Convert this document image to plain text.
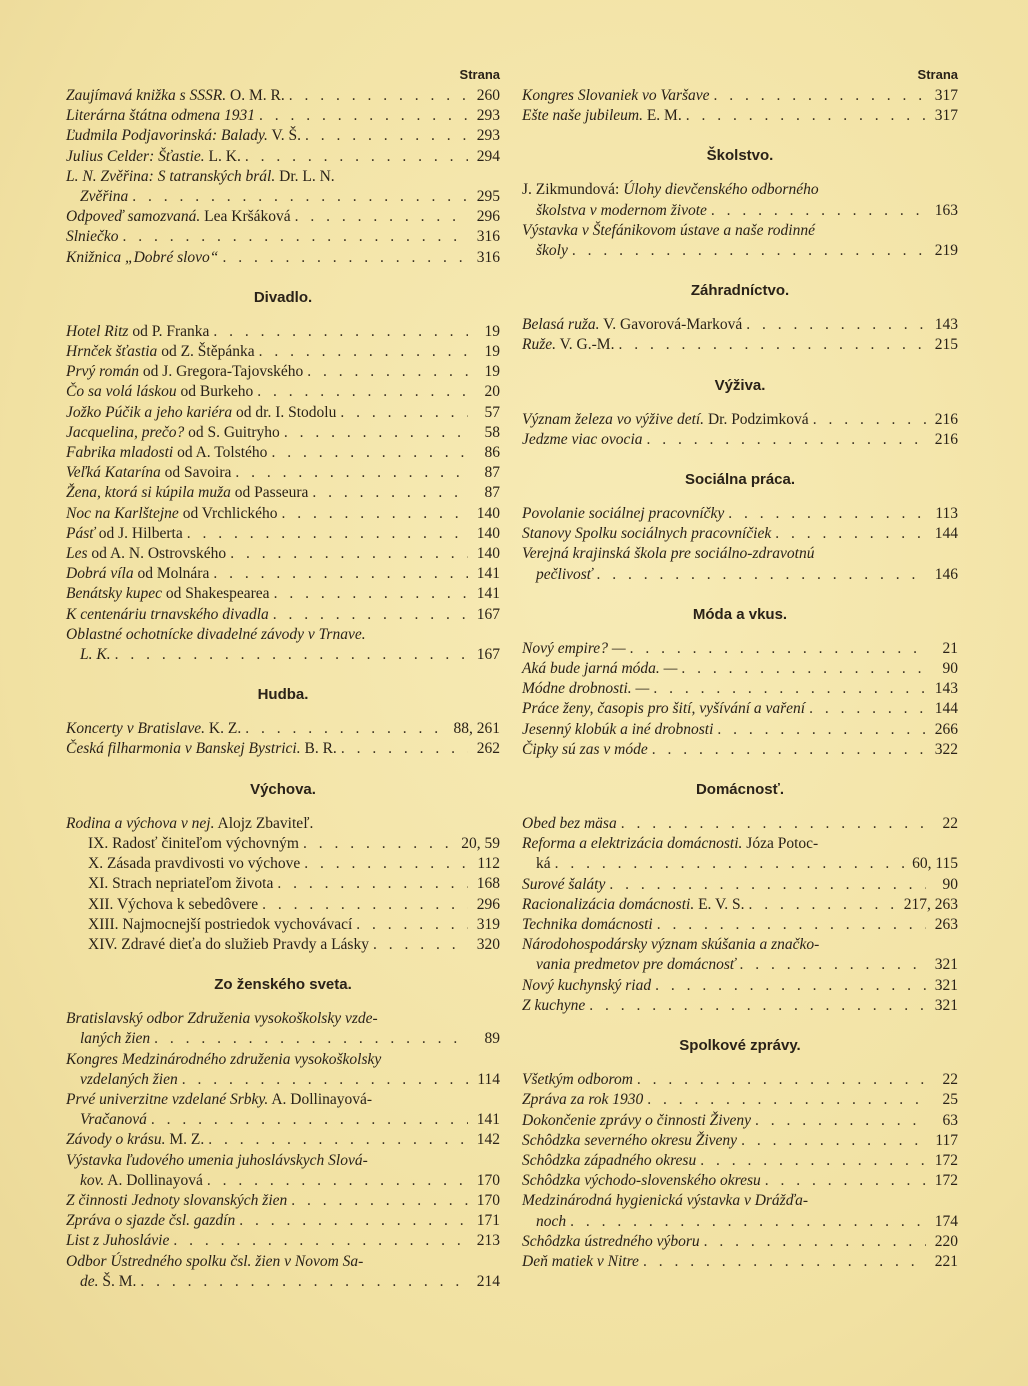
Strana
Zaujímavá knižka s SSSR. O. M. R. . . .	260
Literárna štátna odmena 1931 . . .	293
Ľudmila Podjavorinská: Balady. V. Š. . . .	293
Julius Celder: Šťastie. L. K. . . .	294
L. N. Zvěřina: S tatranských brál. Dr. L. N.
Zvěřina . . .	295
Odpoveď samozvaná. Lea Kršáková . . .	296
Slniečko . . .	316
Knižnica „Dobré slovo“ . . .	316
Divadlo.
Hotel Ritz od P. Franka . . .	19
Hrnček šťastia od Z. Štěpánka . . .	19
Prvý román od J. Gregora-Tajovského . . .	19
Čo sa volá láskou od Burkeho . . .	20
Jožko Púčik a jeho kariéra od dr. I. Stodolu . . .	57
Jacquelina, prečo? od S. Guitryho . . .	58
Fabrika mladosti od A. Tolstého . . .	86
Veľká Katarína od Savoira . . .	87
Žena, ktorá si kúpila muža od Passeura . . .	87
Noc na Karlštejne od Vrchlického . . .	140
Pásť od J. Hilberta . . .	140
Les od A. N. Ostrovského . . .	140
Dobrá víla od Molnára . . .	141
Benátsky kupec od Shakespearea . . .	141
K centenáriu trnavského divadla . . .	167
Oblastné ochotnícke divadelné závody v Trnave.
L. K. . . .	167
Hudba.
Koncerty v Bratislave. K. Z. . . .	88, 261
Česká filharmonia v Banskej Bystrici. B. R. . . .	262
Výchova.
Rodina a výchova v nej. Alojz Zbaviteľ.
IX. Radosť činiteľom výchovným . . .	20, 59
X. Zásada pravdivosti vo výchove . . .	112
XI. Strach nepriateľom života . . .	168
XII. Výchova k sebedôvere . . .	296
XIII. Najmocnejší postriedok vychovávací . . .	319
XIV. Zdravé dieťa do služieb Pravdy a Lásky . . .	320
Zo ženského sveta.
Bratislavský odbor Združenia vysokoškolsky vzde-
laných žien . . .	89
Kongres Medzinárodného združenia vysokoškolsky
vzdelaných žien . . .	114
Prvé univerzitne vzdelané Srbky. A. Dollinayová-
Vračanová . . .	141
Závody o krásu. M. Z. . . .	142
Výstavka ľudového umenia juhoslávskych Slová-
kov. A. Dollinayová . . .	170
Z činnosti Jednoty slovanských žien . . .	170
Zpráva o sjazde čsl. gazdín . . .	171
List z Juhoslávie . . .	213
Odbor Ústredného spolku čsl. žien v Novom Sa-
de. Š. M. . . .	214
Strana
Kongres Slovaniek vo Varšave . . .	317
Ešte naše jubileum. E. M. . . .	317
Školstvo.
J. Zikmundová: Úlohy dievčenského odborného
školstva v modernom živote . . .	163
Výstavka v Štefánikovom ústave a naše rodinné
školy . . .	219
Záhradníctvo.
Belasá ruža. V. Gavorová-Marková . . .	143
Ruže. V. G.-M. . . .	215
Výživa.
Význam železa vo výžive detí. Dr. Podzimková . . .	216
Jedzme viac ovocia . . .	216
Sociálna práca.
Povolanie sociálnej pracovníčky . . .	113
Stanovy Spolku sociálnych pracovníčiek . . .	144
Verejná krajinská škola pre sociálno-zdravotnú
pečlivosť . . .	146
Móda a vkus.
Nový empire? — . . .	21
Aká bude jarná móda. — . . .	90
Módne drobnosti. — . . .	143
Práce ženy, časopis pro šití, vyšívání a vaření . . .	144
Jesenný klobúk a iné drobnosti . . .	266
Čipky sú zas v móde . . .	322
Domácnosť.
Obed bez mäsa . . .	22
Reforma a elektrizácia domácnosti. Józa Potoc-
ká . . .	60, 115
Surové šaláty . . .	90
Racionalizácia domácnosti. E. V. S. . . .	217, 263
Technika domácnosti . . .	263
Národohospodársky význam skúšania a značko-
vania predmetov pre domácnosť . . .	321
Nový kuchynský riad . . .	321
Z kuchyne . . .	321
Spolkové zprávy.
Všetkým odborom . . .	22
Zpráva za rok 1930 . . .	25
Dokončenie zprávy o činnosti Živeny . . .	63
Schôdzka severného okresu Živeny . . .	117
Schôdzka západného okresu . . .	172
Schôdzka východo-slovenského okresu . . .	172
Medzinárodná hygienická výstavka v Drážďa-
noch . . .	174
Schôdzka ústredného výboru . . .	220
Deň matiek v Nitre . . .	221
